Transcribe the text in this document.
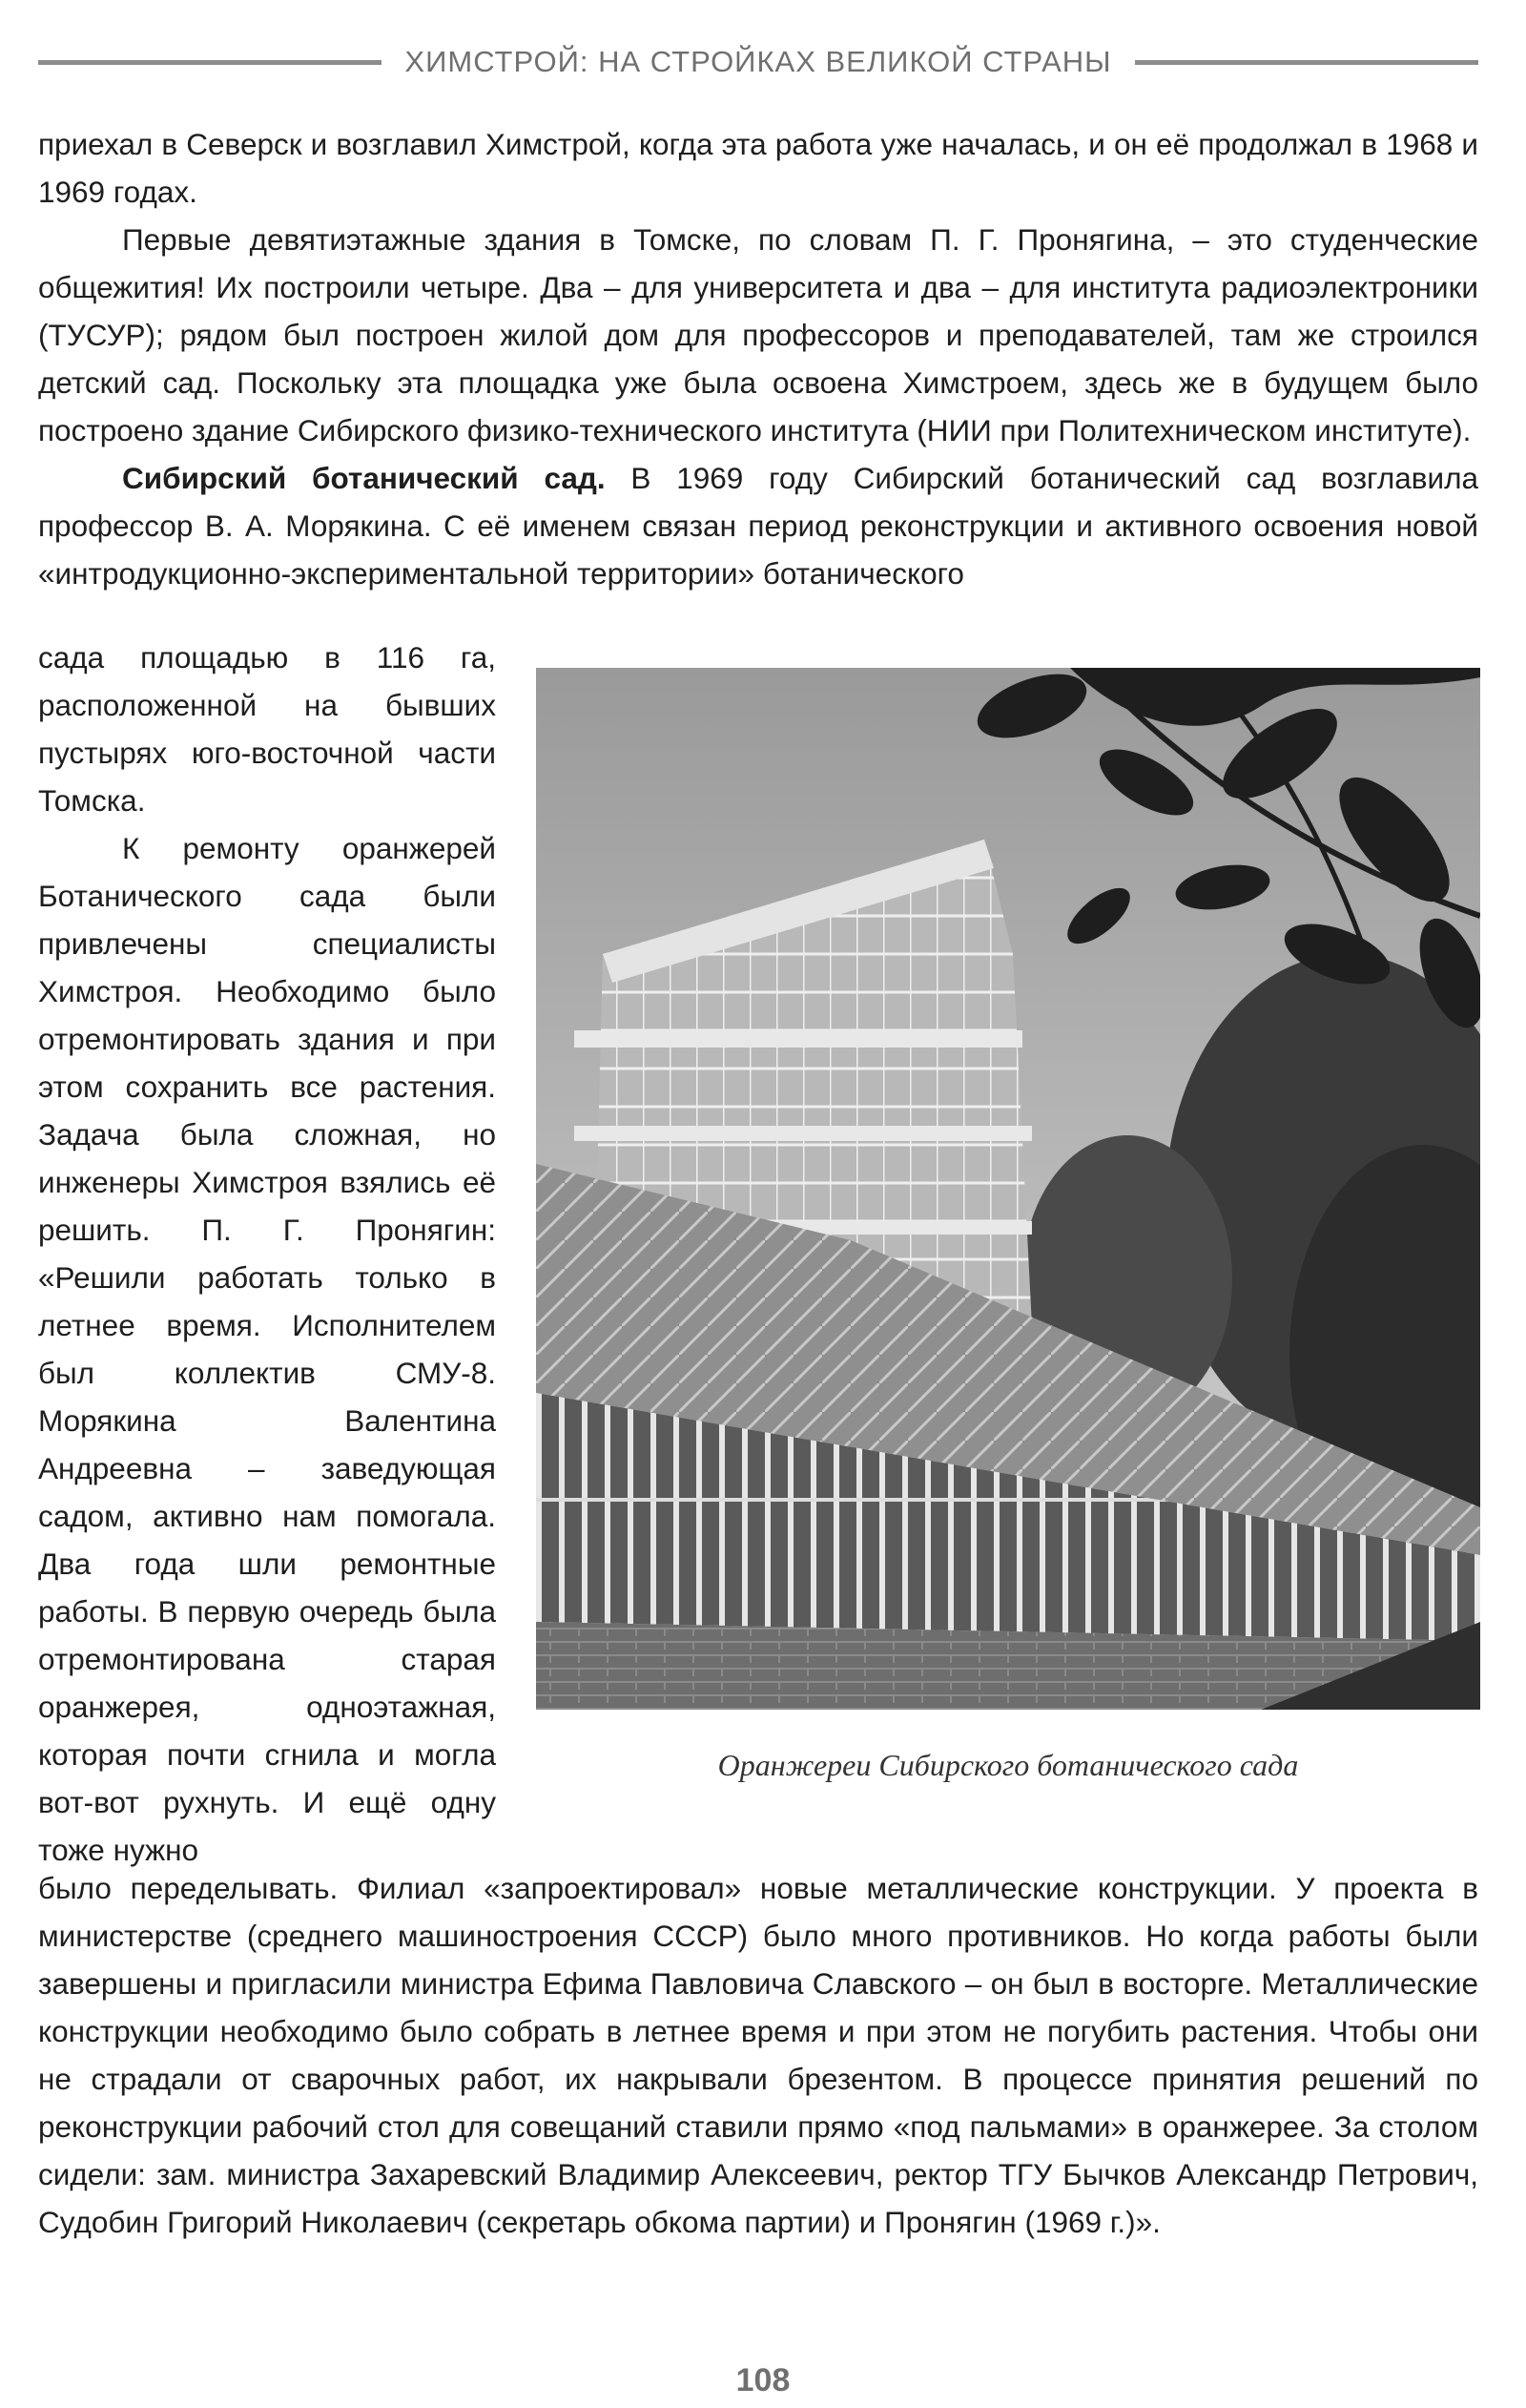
ХИМСТРОЙ: НА СТРОЙКАХ ВЕЛИКОЙ СТРАНЫ

приехал в Северск и возглавил Химстрой, когда эта работа уже началась, и он её продолжал в 1968 и 1969 годах.

Первые девятиэтажные здания в Томске, по словам П. Г. Пронягина, – это студенческие общежития! Их построили четыре. Два – для университета и два – для института радиоэлектроники (ТУСУР); рядом был построен жилой дом для профессоров и преподавателей, там же строился детский сад. Поскольку эта площадка уже была освоена Химстроем, здесь же в будущем было построено здание Сибирского физико-технического института (НИИ при Политехническом институте).

Сибирский ботанический сад. В 1969 году Сибирский ботанический сад возглавила профессор В. А. Морякина. С её именем связан период реконструкции и активного освоения новой «интродукционно-экспериментальной территории» ботанического

сада площадью в 116 га, расположенной на бывших пустырях юго-восточной части Томска.

К ремонту оранжерей Ботанического сада были привлечены специалисты Химстроя. Необходимо было отремонтировать здания и при этом сохранить все растения. Задача была сложная, но инженеры Химстроя взялись её решить. П. Г. Пронягин: «Решили работать только в летнее время. Исполнителем был коллектив СМУ-8. Морякина Валентина Андреевна – заведующая садом, активно нам помогала. Два года шли ремонтные работы. В первую очередь была отремонтирована старая оранжерея, одноэтажная, которая почти сгнила и могла вот-вот рухнуть. И ещё одну тоже нужно

Оранжереи Сибирского ботанического сада

было переделывать. Филиал «запроектировал» новые металлические конструкции. У проекта в министерстве (среднего машиностроения СССР) было много противников. Но когда работы были завершены и пригласили министра Ефима Павловича Славского – он был в восторге. Металлические конструкции необходимо было собрать в летнее время и при этом не погубить растения. Чтобы они не страдали от сварочных работ, их накрывали брезентом. В процессе принятия решений по реконструкции рабочий стол для совещаний ставили прямо «под пальмами» в оранжерее. За столом сидели: зам. министра Захаревский Владимир Алексеевич, ректор ТГУ Бычков Александр Петрович, Судобин Григорий Николаевич (секретарь обкома партии) и Пронягин (1969 г.)».

108
